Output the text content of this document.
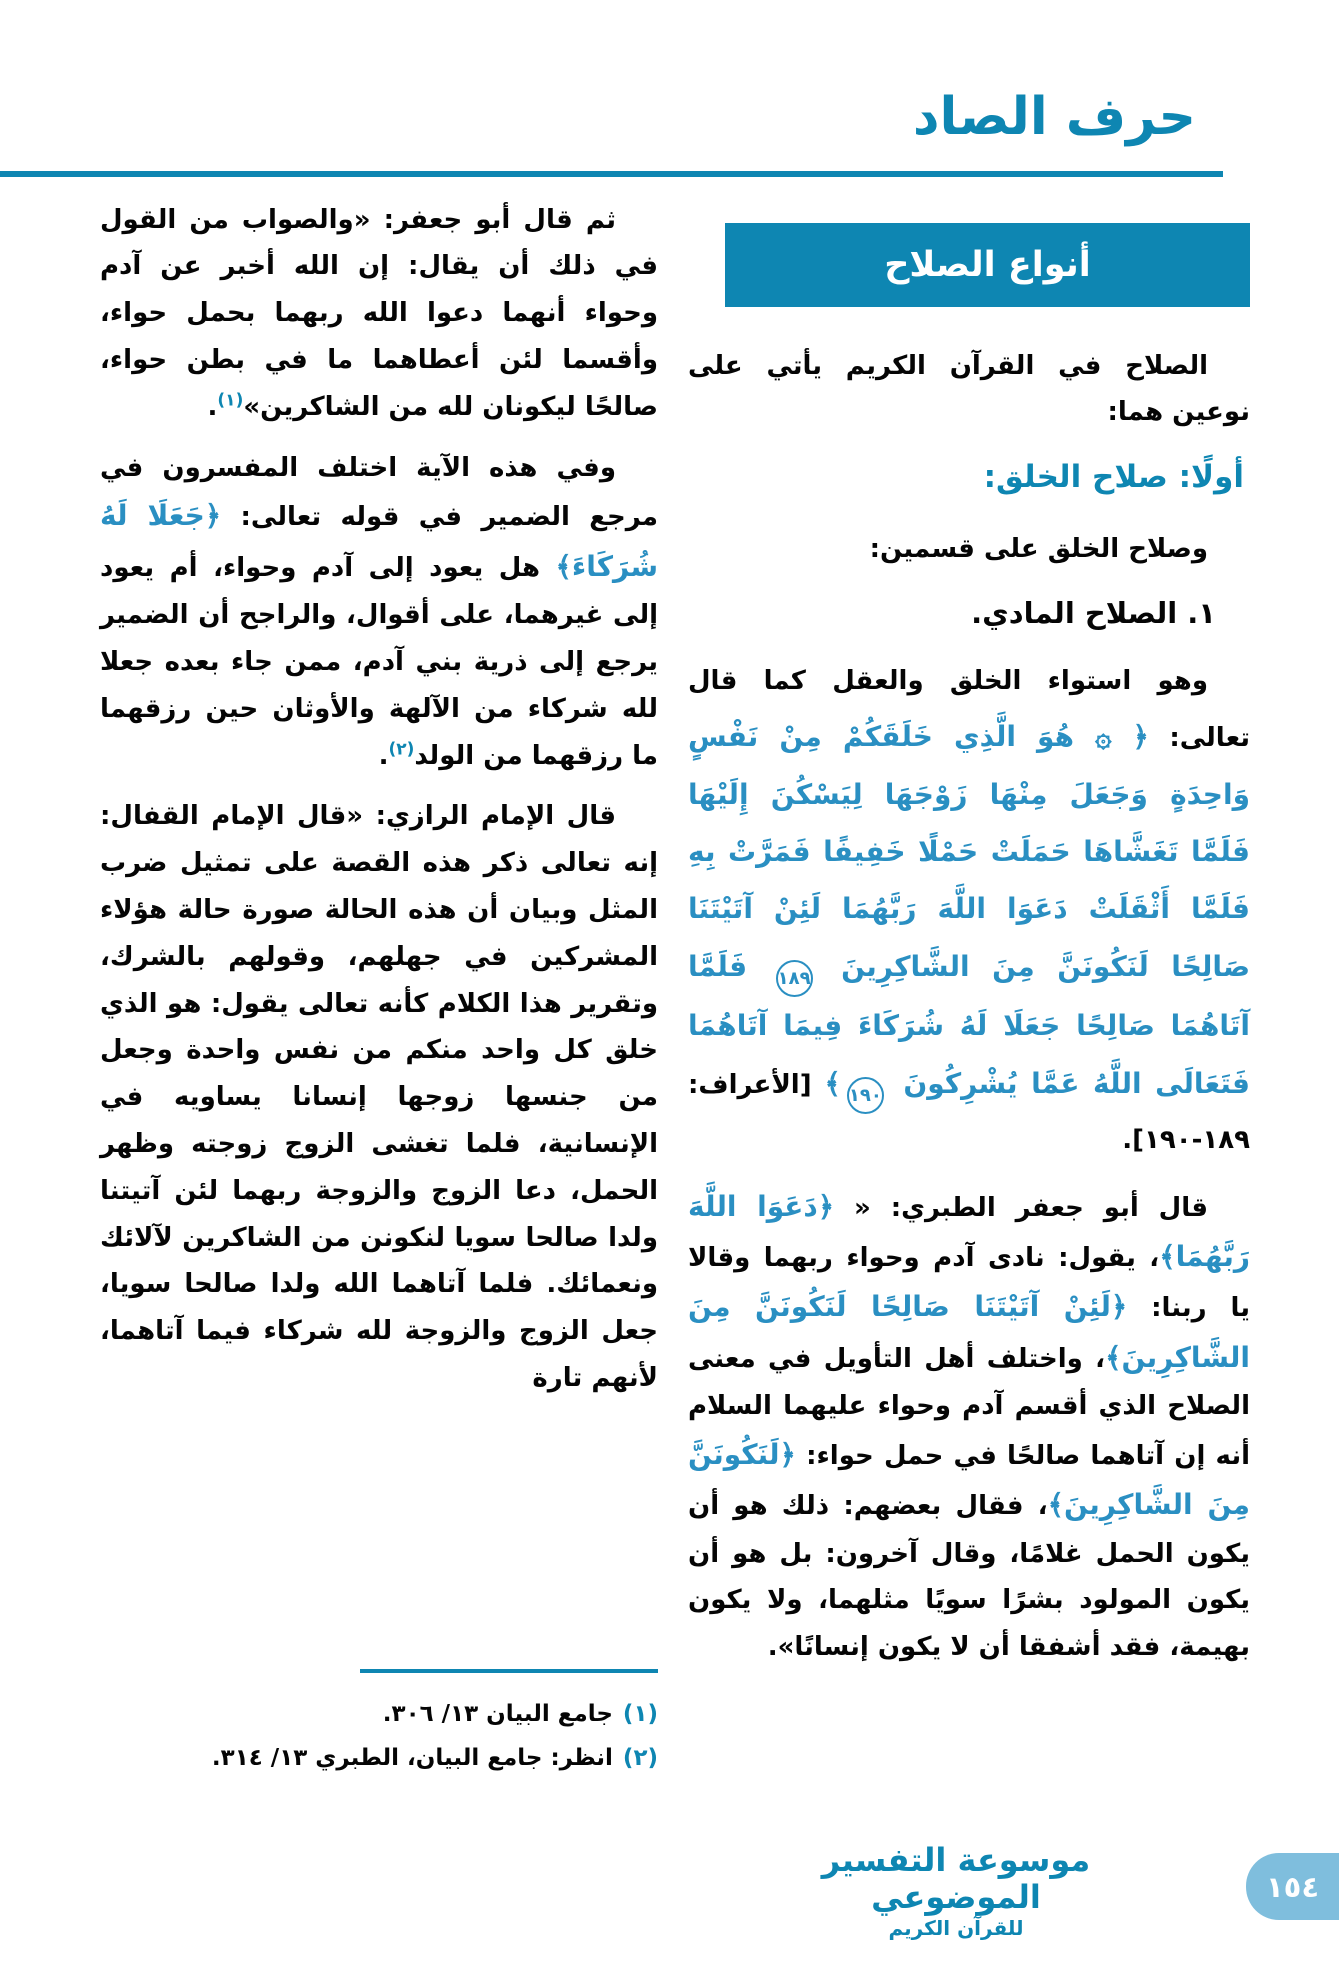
حرف الصاد
أنواع الصلاح
الصلاح في القرآن الكريم يأتي على نوعين هما:
أولًا: صلاح الخلق:
وصلاح الخلق على قسمين:
١. الصلاح المادي.
وهو استواء الخلق والعقل كما قال تعالى: ﴿ ۞ هُوَ الَّذِي خَلَقَكُمْ مِنْ نَفْسٍ وَاحِدَةٍ وَجَعَلَ مِنْهَا زَوْجَهَا لِيَسْكُنَ إِلَيْهَا فَلَمَّا تَغَشَّاهَا حَمَلَتْ حَمْلًا خَفِيفًا فَمَرَّتْ بِهِ فَلَمَّا أَثْقَلَتْ دَعَوَا اللَّهَ رَبَّهُمَا لَئِنْ آتَيْتَنَا صَالِحًا لَنَكُونَنَّ مِنَ الشَّاكِرِينَ ١٨٩ فَلَمَّا آتَاهُمَا صَالِحًا جَعَلَا لَهُ شُرَكَاءَ فِيمَا آتَاهُمَا فَتَعَالَى اللَّهُ عَمَّا يُشْرِكُونَ ١٩٠﴾ [الأعراف: ١٨٩-١٩٠].
قال أبو جعفر الطبري: « ﴿دَعَوَا اللَّهَ رَبَّهُمَا﴾، يقول: نادى آدم وحواء ربهما وقالا يا ربنا: ﴿لَئِنْ آتَيْتَنَا صَالِحًا لَنَكُونَنَّ مِنَ الشَّاكِرِينَ﴾، واختلف أهل التأويل في معنى الصلاح الذي أقسم آدم وحواء عليهما السلام أنه إن آتاهما صالحًا في حمل حواء: ﴿لَنَكُونَنَّ مِنَ الشَّاكِرِينَ﴾، فقال بعضهم: ذلك هو أن يكون الحمل غلامًا، وقال آخرون: بل هو أن يكون المولود بشرًا سويًا مثلهما، ولا يكون بهيمة، فقد أشفقا أن لا يكون إنسانًا».
ثم قال أبو جعفر: «والصواب من القول في ذلك أن يقال: إن الله أخبر عن آدم وحواء أنهما دعوا الله ربهما بحمل حواء، وأقسما لئن أعطاهما ما في بطن حواء، صالحًا ليكونان لله من الشاكرين»$^{(١)}$.
وفي هذه الآية اختلف المفسرون في مرجع الضمير في قوله تعالى: ﴿جَعَلَا لَهُ شُرَكَاءَ﴾ هل يعود إلى آدم وحواء، أم يعود إلى غيرهما، على أقوال، والراجح أن الضمير يرجع إلى ذرية بني آدم، ممن جاء بعده جعلا لله شركاء من الآلهة والأوثان حين رزقهما ما رزقهما من الولد$^{(٢)}$.
قال الإمام الرازي: «قال الإمام القفال: إنه تعالى ذكر هذه القصة على تمثيل ضرب المثل وبيان أن هذه الحالة صورة حالة هؤلاء المشركين في جهلهم، وقولهم بالشرك، وتقرير هذا الكلام كأنه تعالى يقول: هو الذي خلق كل واحد منكم من نفس واحدة وجعل من جنسها زوجها إنسانا يساويه في الإنسانية، فلما تغشى الزوج زوجته وظهر الحمل، دعا الزوج والزوجة ربهما لئن آتيتنا ولدا صالحا سويا لنكونن من الشاكرين لآلائك ونعمائك. فلما آتاهما الله ولدا صالحا سويا، جعل الزوج والزوجة لله شركاء فيما آتاهما، لأنهم تارة
(١)جامع البيان ١٣/ ٣٠٦.
(٢)انظر: جامع البيان، الطبري ١٣/ ٣١٤.
موسوعة التفسير الموضوعي
للقرآن الكريم
١٥٤
